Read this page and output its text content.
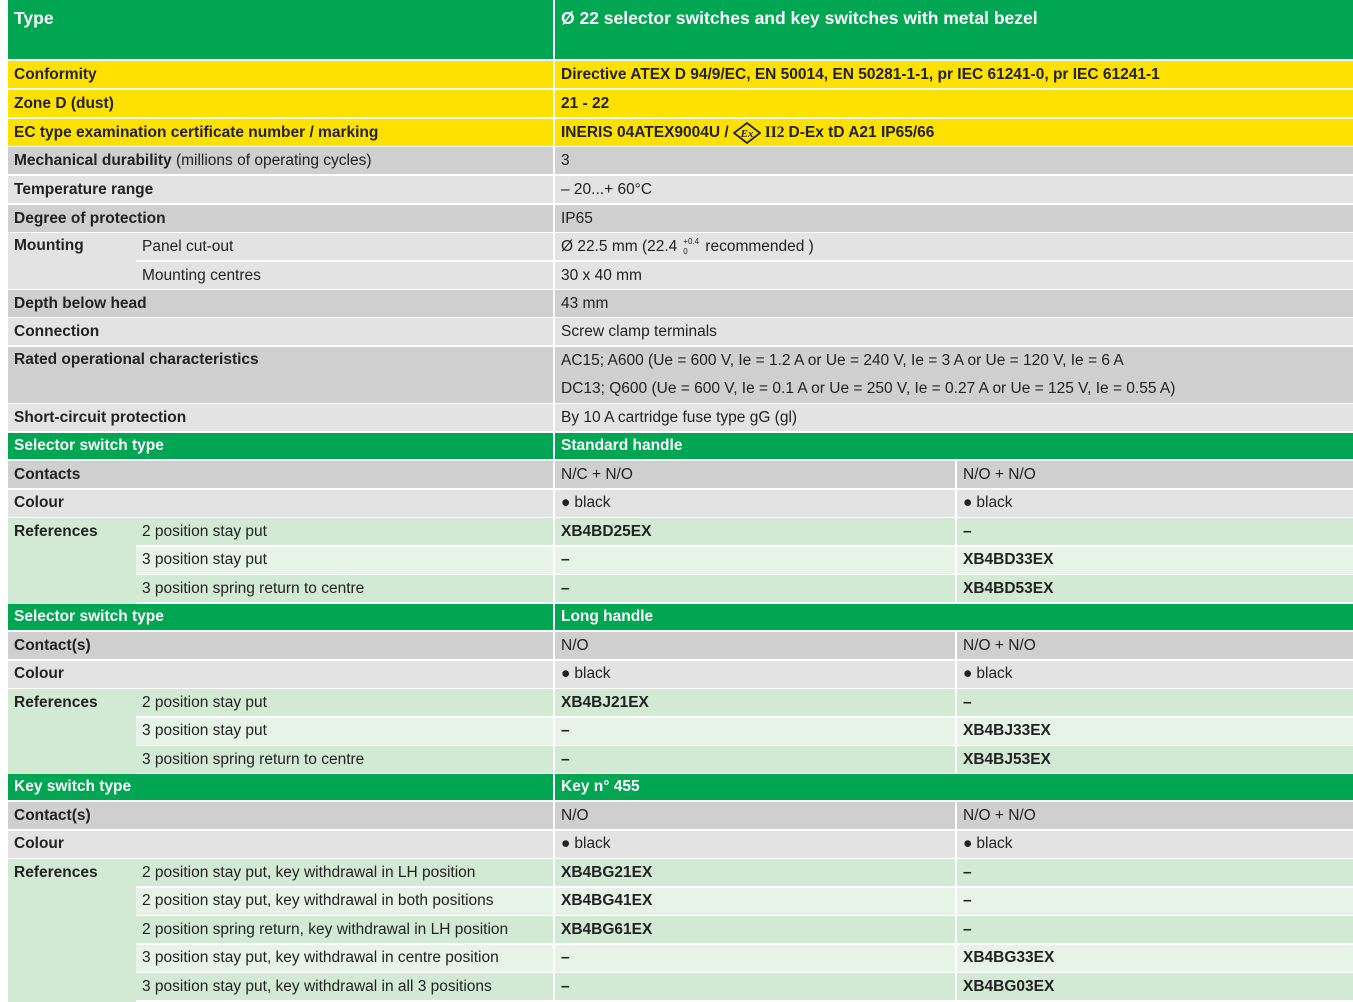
Type	Ø 22 selector switches and key switches with metal bezel
Conformity	Directive ATEX D 94/9/EC, EN 50014, EN 50281-1-1, pr IEC 61241-0, pr IEC 61241-1
Zone D (dust)	21 - 22
EC type examination certificate number / marking	INERIS 04ATEX9004U / Ex II2 D-Ex tD A21 IP65/66
Mechanical durability (millions of operating cycles)	3
Temperature range	– 20...+ 60°C
Degree of protection	IP65
Mounting	Panel cut-out	Ø 22.5 mm (22.4 +0.4
0 recommended )
Mounting centres	30 x 40 mm
Depth below head	43 mm
Connection	Screw clamp terminals
Rated operational characteristics	AC15; A600 (Ue = 600 V, Ie = 1.2 A or Ue = 240 V, Ie = 3 A or Ue = 120 V, Ie = 6 A
DC13; Q600 (Ue = 600 V, Ie = 0.1 A or Ue = 250 V, Ie = 0.27 A or Ue = 125 V, Ie = 0.55 A)
Short-circuit protection	By 10 A cartridge fuse type gG (gl)
Selector switch type	Standard handle
Contacts	N/C + N/O	N/O + N/O
Colour	● black	● black
References	2 position stay put	XB4BD25EX	–
3 position stay put	–	XB4BD33EX
3 position spring return to centre	–	XB4BD53EX
Selector switch type	Long handle
Contact(s)	N/O	N/O + N/O
Colour	● black	● black
References	2 position stay put	XB4BJ21EX	–
3 position stay put	–	XB4BJ33EX
3 position spring return to centre	–	XB4BJ53EX
Key switch type	Key n° 455
Contact(s)	N/O	N/O + N/O
Colour	● black	● black
References	2 position stay put, key withdrawal in LH position	XB4BG21EX	–
2 position stay put, key withdrawal in both positions	XB4BG41EX	–
2 position spring return, key withdrawal in LH position	XB4BG61EX	–
3 position stay put, key withdrawal in centre position	–	XB4BG33EX
3 position stay put, key withdrawal in all 3 positions	–	XB4BG03EX
